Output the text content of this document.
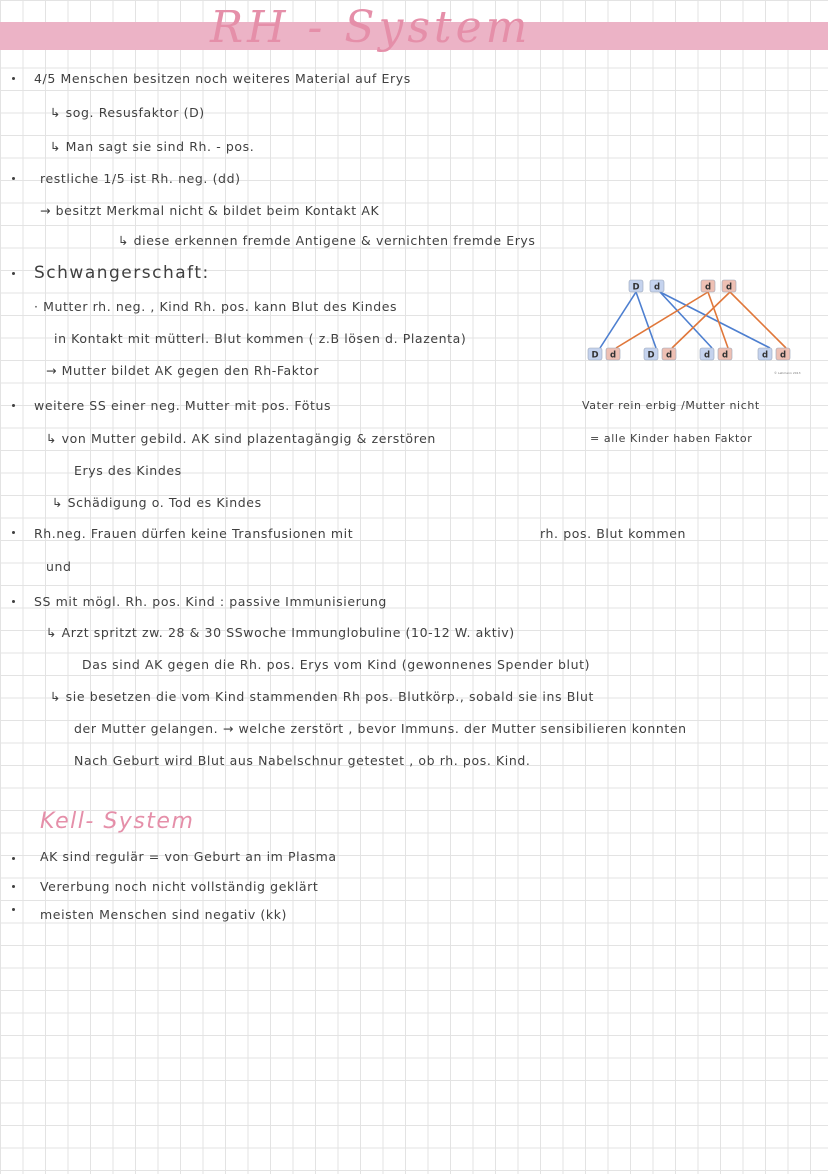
RH - System
4/5 Menschen besitzen noch weiteres Material auf Erys
↳ sog. Resusfaktor (D)
↳ Man sagt sie sind Rh. - pos.
restliche 1/5 ist Rh. neg. (dd)
→ besitzt Merkmal nicht & bildet beim Kontakt AK
↳ diese erkennen fremde Antigene & vernichten fremde Erys
Schwangerschaft:
· Mutter rh. neg. , Kind Rh. pos. kann Blut des Kindes
in Kontakt mit mütterl. Blut kommen ( z.B lösen d. Plazenta)
→ Mutter bildet AK gegen den Rh-Faktor
weitere SS einer neg. Mutter mit pos. Fötus
↳ von Mutter gebild. AK sind plazentagängig & zerstören
Erys des Kindes
↳ Schädigung o. Tod es Kindes
Rh.neg. Frauen dürfen keine Transfusionen mit	rh. pos. Blut kommen
und
SS mit mögl. Rh. pos. Kind : passive Immunisierung
↳ Arzt spritzt zw. 28 & 30 SSwoche Immunglobuline (10-12 W. aktiv)
Das sind AK gegen die Rh. pos. Erys vom Kind (gewonnenes Spender blut)
↳ sie besetzen die vom Kind stammenden Rh pos. Blutkörp., sobald sie ins Blut
der Mutter gelangen. → welche zerstört , bevor Immuns. der Mutter sensibilieren konnten
Nach Geburt wird Blut aus Nabelschnur getestet , ob rh. pos. Kind.
Vater rein erbig /Mutter nicht
= alle Kinder haben Faktor
D d	d d
D d	D d	d d	d d
© Lehmann 2013
Kell- System
AK sind regulär = von Geburt an im Plasma
Vererbung noch nicht vollständig geklärt
meisten Menschen sind negativ (kk)
